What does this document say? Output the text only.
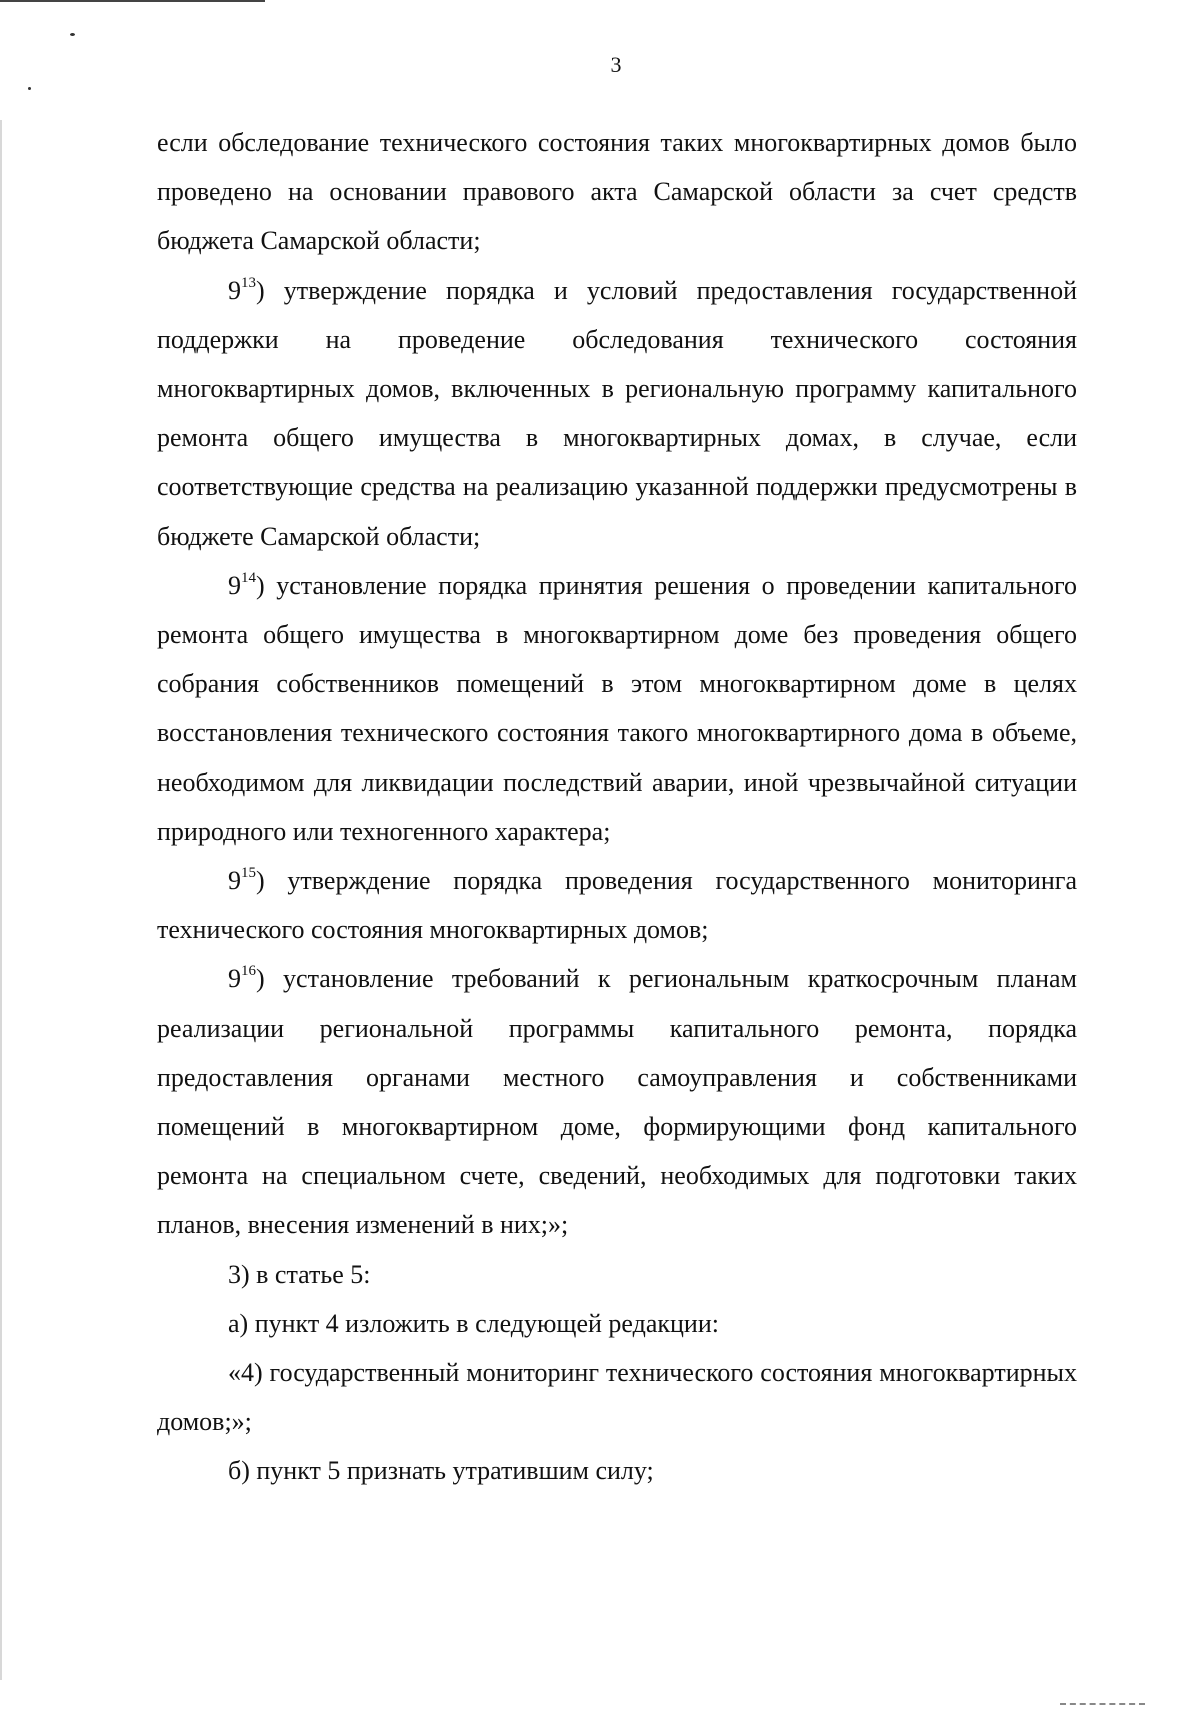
3

если обследование технического состояния таких многоквартирных домов было проведено на основании правового акта Самарской области за счет средств бюджета Самарской области;

$9^{13}$) утверждение порядка и условий предоставления государственной поддержки на проведение обследования технического состояния многоквартирных домов, включенных в региональную программу капитального ремонта общего имущества в многоквартирных домах, в случае, если соответствующие средства на реализацию указанной поддержки предусмотрены в бюджете Самарской области;

$9^{14}$) установление порядка принятия решения о проведении капитального ремонта общего имущества в многоквартирном доме без проведения общего собрания собственников помещений в этом многоквартирном доме в целях восстановления технического состояния такого многоквартирного дома в объеме, необходимом для ликвидации последствий аварии, иной чрезвычайной ситуации природного или техногенного характера;

$9^{15}$) утверждение порядка проведения государственного мониторинга технического состояния многоквартирных домов;

$9^{16}$) установление требований к региональным краткосрочным планам реализации региональной программы капитального ремонта, порядка предоставления органами местного самоуправления и собственниками помещений в многоквартирном доме, формирующими фонд капитального ремонта на специальном счете, сведений, необходимых для подготовки таких планов, внесения изменений в них;»;

3) в статье 5:

а) пункт 4 изложить в следующей редакции:

«4) государственный мониторинг технического состояния многоквартирных домов;»;

б) пункт 5 признать утратившим силу;
